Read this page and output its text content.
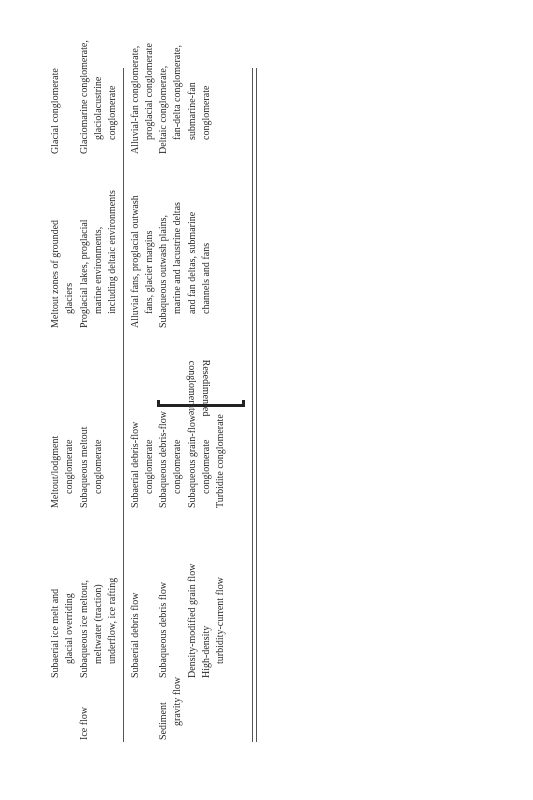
Ice flow
Subaerial ice melt and glacial overriding Subaqueous ice meltout, meltwater (traction) underflow, ice rafting
Meltout/lodgment conglomerate Subaqueous meltout conglomerate
Meltout zones of grounded glaciers Proglacial lakes, proglacial marine environments, including deltaic environments
Glacial conglomerate Glaciomarine conglomerate, glaciolacustrine conglomerate
Sediment gravity flow
Subaerial debris flow Subaqueous debris flow Density-modified grain flow High-density turbidity-current flow
Subaerial debris-flow conglomerate Subaqueous debris-flow conglomerate Subaqueous grain-flow conglomerate Turbidite conglomerate
Resedimented
conglomerate
Alluvial fans, proglacial outwash fans, glacier margins Subaqueous outwash plains, marine and lacustrine deltas and fan deltas, submarine channels and fans
Alluvial-fan conglomerate, proglacial conglomerate Deltaic conglomerate, fan-delta conglomerate, submarine-fan conglomerate
